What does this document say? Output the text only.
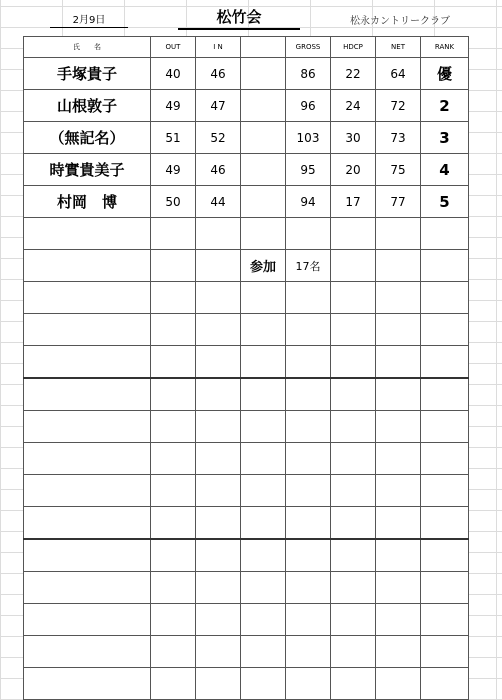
2月9日	松竹会	松永カントリークラブ
氏　　名	OUT	I N		GROSS	HDCP	NET	RANK
手塚貴子	40	46		86	22	64	優
山根敦子	49	47		96	24	72	2
（無記名）	51	52		103	30	73	3
時實貴美子	49	46		95	20	75	4
村岡　博	50	44		94	17	77	5

			参加	17名			
